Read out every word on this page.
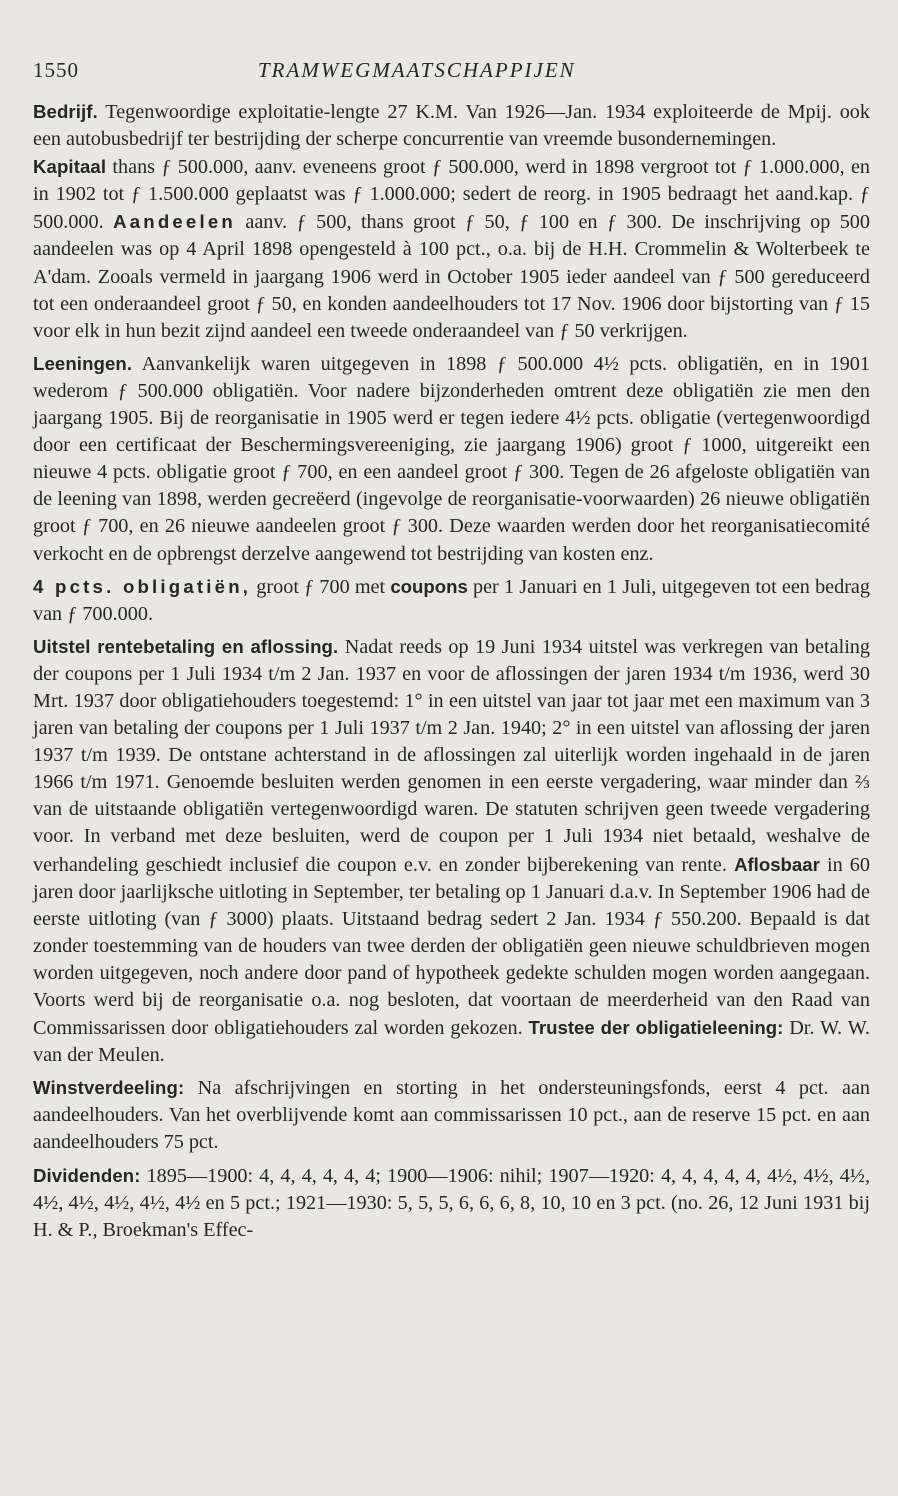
1550	TRAMWEGMAATSCHAPPIJEN

Bedrijf. Tegenwoordige exploitatie-lengte 27 K.M. Van 1926—Jan. 1934 exploiteerde de Mpij. ook een autobusbedrijf ter bestrijding der scherpe concurrentie van vreemde busondernemingen.

Kapitaal thans ƒ 500.000, aanv. eveneens groot ƒ 500.000, werd in 1898 vergroot tot ƒ 1.000.000, en in 1902 tot ƒ 1.500.000 geplaatst was ƒ 1.000.000; sedert de reorg. in 1905 bedraagt het aand.kap. ƒ 500.000. Aandeelen aanv. ƒ 500, thans groot ƒ 50, ƒ 100 en ƒ 300. De inschrijving op 500 aandeelen was op 4 April 1898 opengesteld à 100 pct., o.a. bij de H.H. Crommelin & Wolterbeek te A'dam. Zooals vermeld in jaargang 1906 werd in October 1905 ieder aandeel van ƒ 500 gereduceerd tot een onderaandeel groot ƒ 50, en konden aandeelhouders tot 17 Nov. 1906 door bijstorting van ƒ 15 voor elk in hun bezit zijnd aandeel een tweede onderaandeel van ƒ 50 verkrijgen.

Leeningen. Aanvankelijk waren uitgegeven in 1898 ƒ 500.000 4½ pcts. obligatiën, en in 1901 wederom ƒ 500.000 obligatiën. Voor nadere bijzonderheden omtrent deze obligatiën zie men den jaargang 1905. Bij de reorganisatie in 1905 werd er tegen iedere 4½ pcts. obligatie (vertegenwoordigd door een certificaat der Beschermingsvereeniging, zie jaargang 1906) groot ƒ 1000, uitgereikt een nieuwe 4 pcts. obligatie groot ƒ 700, en een aandeel groot ƒ 300. Tegen de 26 afgeloste obligatiën van de leening van 1898, werden gecreëerd (ingevolge de reorganisatie-voorwaarden) 26 nieuwe obligatiën groot ƒ 700, en 26 nieuwe aandeelen groot ƒ 300. Deze waarden werden door het reorganisatiecomité verkocht en de opbrengst derzelve aangewend tot bestrijding van kosten enz.

4 pcts. obligatiën, groot ƒ 700 met coupons per 1 Januari en 1 Juli, uitgegeven tot een bedrag van ƒ 700.000.

Uitstel rentebetaling en aflossing. Nadat reeds op 19 Juni 1934 uitstel was verkregen van betaling der coupons per 1 Juli 1934 t/m 2 Jan. 1937 en voor de aflossingen der jaren 1934 t/m 1936, werd 30 Mrt. 1937 door obligatiehouders toegestemd: 1° in een uitstel van jaar tot jaar met een maximum van 3 jaren van betaling der coupons per 1 Juli 1937 t/m 2 Jan. 1940; 2° in een uitstel van aflossing der jaren 1937 t/m 1939. De ontstane achterstand in de aflossingen zal uiterlijk worden ingehaald in de jaren 1966 t/m 1971. Genoemde besluiten werden genomen in een eerste vergadering, waar minder dan ⅔ van de uitstaande obligatiën vertegenwoordigd waren. De statuten schrijven geen tweede vergadering voor. In verband met deze besluiten, werd de coupon per 1 Juli 1934 niet betaald, weshalve de verhandeling geschiedt inclusief die coupon e.v. en zonder bijberekening van rente. Aflosbaar in 60 jaren door jaarlijksche uitloting in September, ter betaling op 1 Januari d.a.v. In September 1906 had de eerste uitloting (van ƒ 3000) plaats. Uitstaand bedrag sedert 2 Jan. 1934 ƒ 550.200. Bepaald is dat zonder toestemming van de houders van twee derden der obligatiën geen nieuwe schuldbrieven mogen worden uitgegeven, noch andere door pand of hypotheek gedekte schulden mogen worden aangegaan. Voorts werd bij de reorganisatie o.a. nog besloten, dat voortaan de meerderheid van den Raad van Commissarissen door obligatiehouders zal worden gekozen. Trustee der obligatieleening: Dr. W. W. van der Meulen.

Winstverdeeling: Na afschrijvingen en storting in het ondersteuningsfonds, eerst 4 pct. aan aandeelhouders. Van het overblijvende komt aan commissarissen 10 pct., aan de reserve 15 pct. en aan aandeelhouders 75 pct.

Dividenden: 1895—1900: 4, 4, 4, 4, 4, 4; 1900—1906: nihil; 1907—1920: 4, 4, 4, 4, 4, 4½, 4½, 4½, 4½, 4½, 4½, 4½, 4½ en 5 pct.; 1921—1930: 5, 5, 5, 6, 6, 6, 8, 10, 10 en 3 pct. (no. 26, 12 Juni 1931 bij H. & P., Broekman's Effec-
